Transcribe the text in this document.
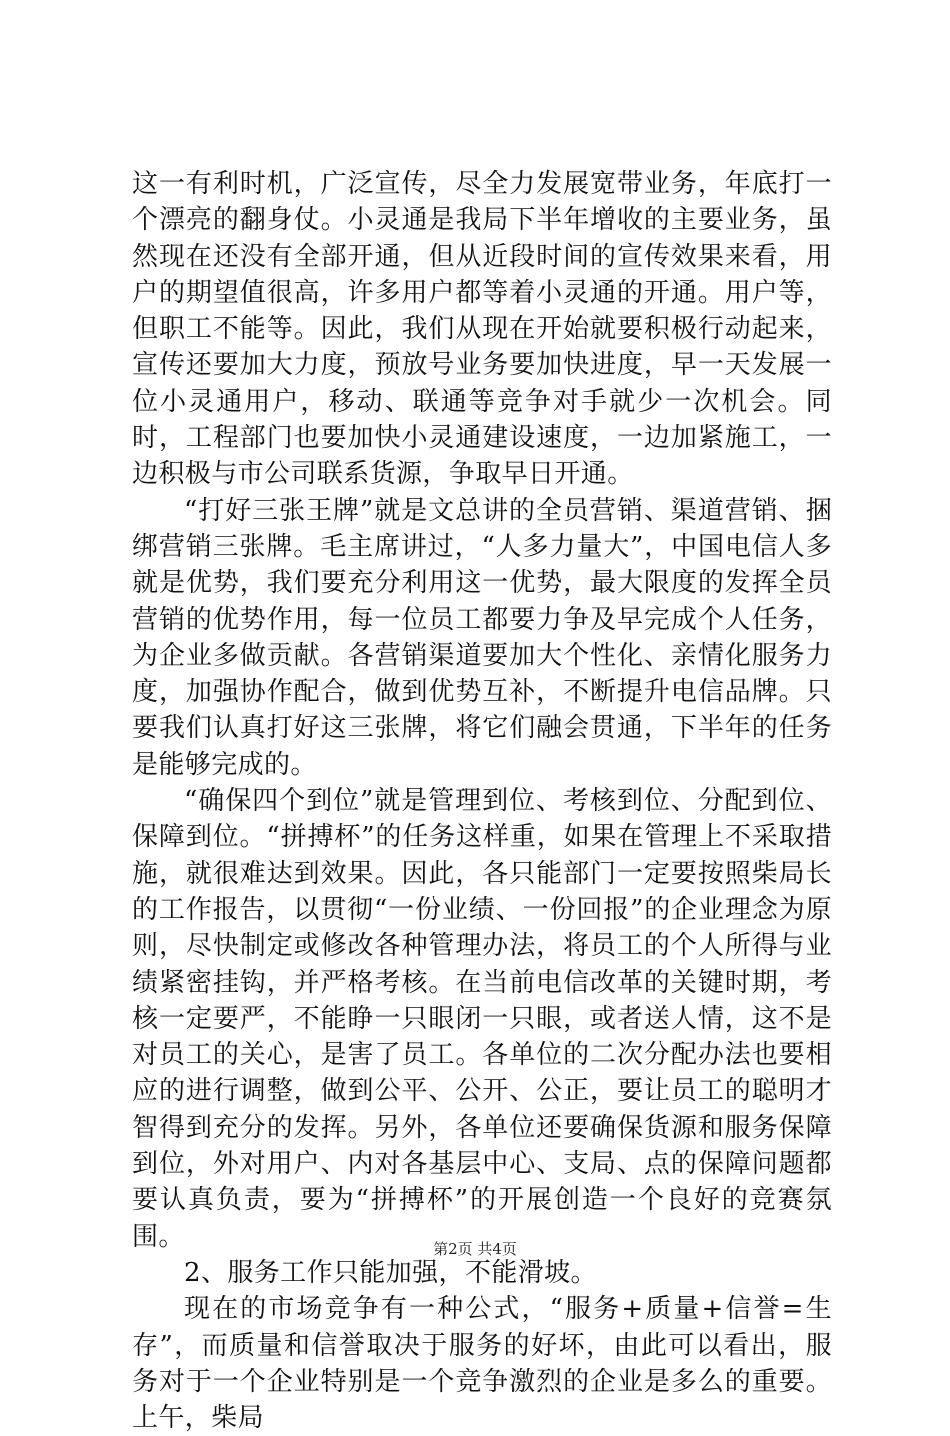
这一有利时机，广泛宣传，尽全力发展宽带业务，年底打一个漂亮的翻身仗。小灵通是我局下半年增收的主要业务，虽然现在还没有全部开通，但从近段时间的宣传效果来看，用户的期望值很高，许多用户都等着小灵通的开通。用户等，但职工不能等。因此，我们从现在开始就要积极行动起来，宣传还要加大力度，预放号业务要加快进度，早一天发展一位小灵通用户，移动、联通等竞争对手就少一次机会。同时，工程部门也要加快小灵通建设速度，一边加紧施工，一边积极与市公司联系货源，争取早日开通。

“打好三张王牌”就是文总讲的全员营销、渠道营销、捆绑营销三张牌。毛主席讲过，“人多力量大”，中国电信人多就是优势，我们要充分利用这一优势，最大限度的发挥全员营销的优势作用，每一位员工都要力争及早完成个人任务，为企业多做贡献。各营销渠道要加大个性化、亲情化服务力度，加强协作配合，做到优势互补，不断提升电信品牌。只要我们认真打好这三张牌，将它们融会贯通，下半年的任务是能够完成的。

“确保四个到位”就是管理到位、考核到位、分配到位、保障到位。“拼搏杯”的任务这样重，如果在管理上不采取措施，就很难达到效果。因此，各只能部门一定要按照柴局长的工作报告，以贯彻“一份业绩、一份回报”的企业理念为原则，尽快制定或修改各种管理办法，将员工的个人所得与业绩紧密挂钩，并严格考核。在当前电信改革的关键时期，考核一定要严，不能睁一只眼闭一只眼，或者送人情，这不是对员工的关心，是害了员工。各单位的二次分配办法也要相应的进行调整，做到公平、公开、公正，要让员工的聪明才智得到充分的发挥。另外，各单位还要确保货源和服务保障到位，外对用户、内对各基层中心、支局、点的保障问题都要认真负责，要为“拼搏杯”的开展创造一个良好的竞赛氛围。

2、服务工作只能加强，不能滑坡。

现在的市场竞争有一种公式，“服务+质量+信誉=生存”，而质量和信誉取决于服务的好坏，由此可以看出，服务对于一个企业特别是一个竞争激烈的企业是多么的重要。上午，柴局

第2页 共4页
